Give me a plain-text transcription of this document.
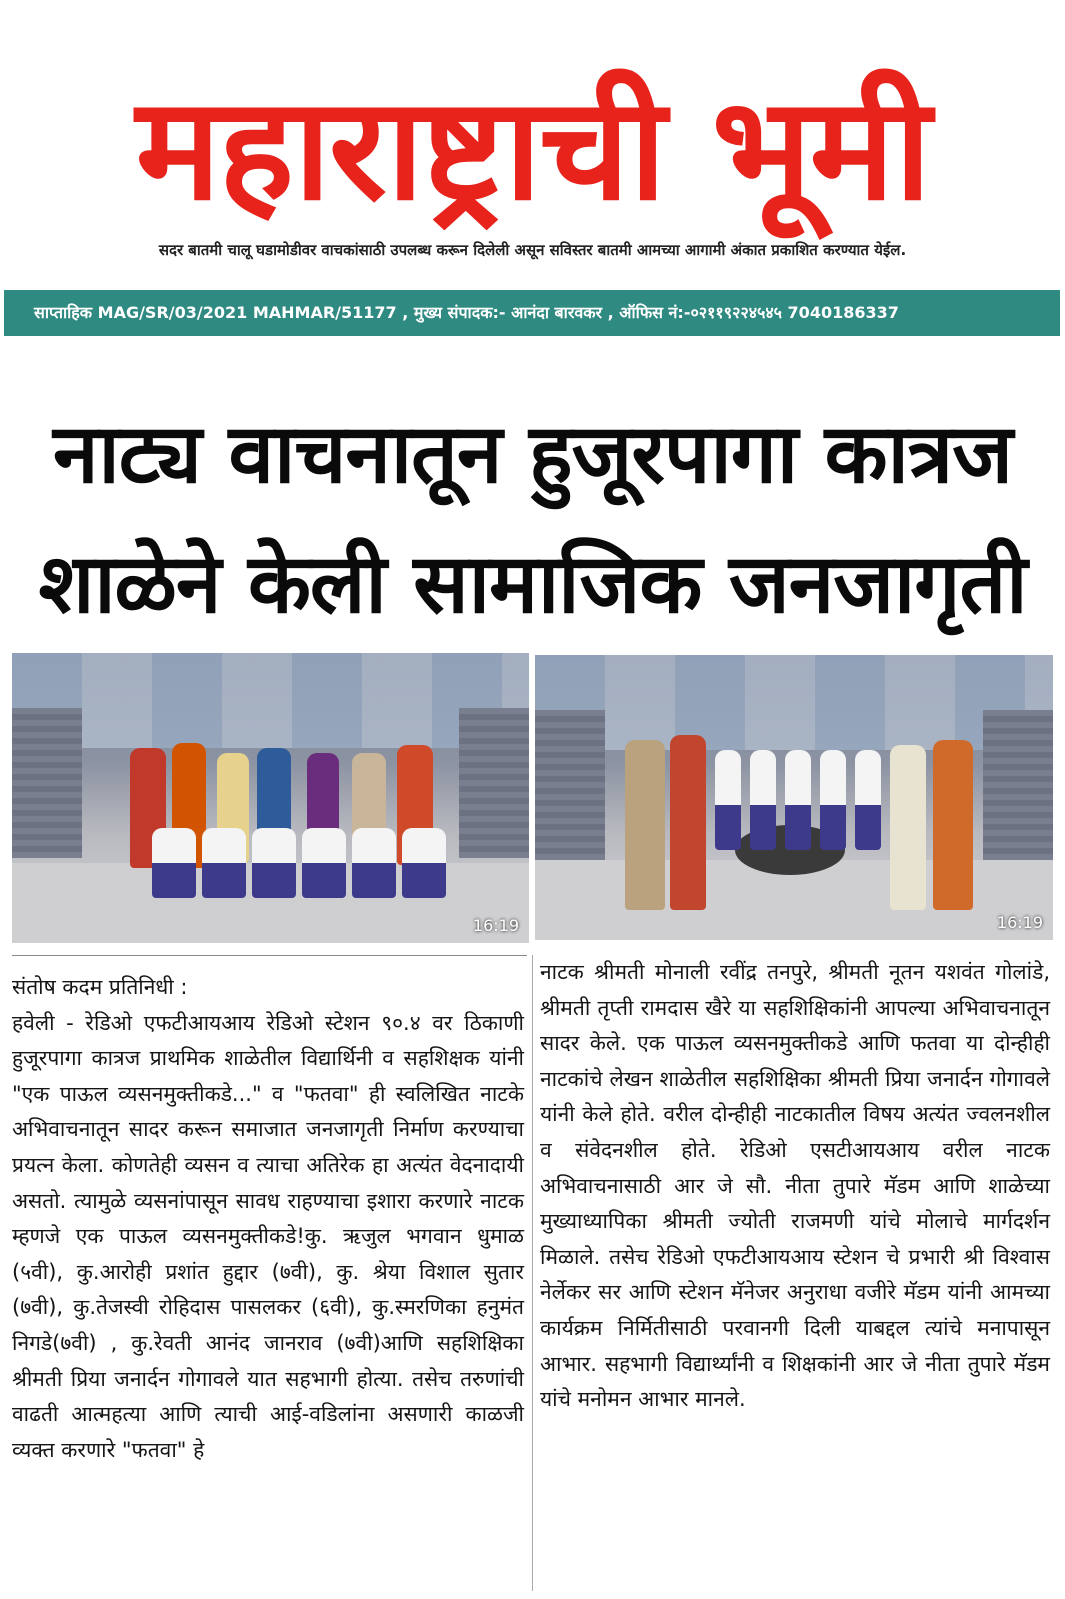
महाराष्ट्राची भूमी
सदर बातमी चालू घडामोडीवर वाचकांसाठी उपलब्ध करून दिलेली असून सविस्तर बातमी आमच्या आगामी अंकात प्रकाशित करण्यात येईल.
साप्ताहिक MAG/SR/03/2021 MAHMAR/51177 , मुख्य संपादक:- आनंदा बारवकर , ऑफिस नं:-०२११९२२४५४५ 7040186337
नाट्य वाचनातून हुजूरपागा कात्रज
शाळेने केली सामाजिक जनजागृती
16:19	16:19
संतोष कदम प्रतिनिधी :
हवेली - रेडिओ एफटीआयआय रेडिओ स्टेशन ९०.४ वर ठिकाणी हुजूरपागा कात्रज प्राथमिक शाळेतील विद्यार्थिनी व सहशिक्षक यांनी "एक पाऊल व्यसनमुक्तीकडे..." व "फतवा" ही स्वलिखित नाटके अभिवाचनातून सादर करून समाजात जनजागृती निर्माण करण्याचा प्रयत्न केला. कोणतेही व्यसन व त्याचा अतिरेक हा अत्यंत वेदनादायी असतो. त्यामुळे व्यसनांपासून सावध राहण्याचा इशारा करणारे नाटक म्हणजे एक पाऊल व्यसनमुक्तीकडे!कु. ऋजुल भगवान धुमाळ (५वी), कु.आरोही प्रशांत हुद्दार (७वी), कु. श्रेया विशाल सुतार (७वी), कु.तेजस्वी रोहिदास पासलकर (६वी), कु.स्मरणिका हनुमंत निगडे(७वी) , कु.रेवती आनंद जानराव (७वी)आणि सहशिक्षिका श्रीमती प्रिया जनार्दन गोगावले यात सहभागी होत्या. तसेच तरुणांची वाढती आत्महत्या आणि त्याची आई-वडिलांना असणारी काळजी व्यक्त करणारे "फतवा" हे
नाटक श्रीमती मोनाली रवींद्र तनपुरे, श्रीमती नूतन यशवंत गोलांडे, श्रीमती तृप्ती रामदास खैरे या सहशिक्षिकांनी आपल्या अभिवाचनातून सादर केले. एक पाऊल व्यसनमुक्तीकडे आणि फतवा या दोन्हीही नाटकांचे लेखन शाळेतील सहशिक्षिका श्रीमती प्रिया जनार्दन गोगावले यांनी केले होते. वरील दोन्हीही नाटकातील विषय अत्यंत ज्वलनशील व संवेदनशील होते. रेडिओ एसटीआयआय वरील नाटक अभिवाचनासाठी आर जे सौ. नीता तुपारे मॅडम आणि शाळेच्या मुख्याध्यापिका श्रीमती ज्योती राजमणी यांचे मोलाचे मार्गदर्शन मिळाले. तसेच रेडिओ एफटीआयआय स्टेशन चे प्रभारी श्री विश्वास नेर्लेकर सर आणि स्टेशन मॅनेजर अनुराधा वजीरे मॅडम यांनी आमच्या कार्यक्रम निर्मितीसाठी परवानगी दिली याबद्दल त्यांचे मनापासून आभार. सहभागी विद्यार्थ्यांनी व शिक्षकांनी आर जे नीता तुपारे मॅडम यांचे मनोमन आभार मानले.
